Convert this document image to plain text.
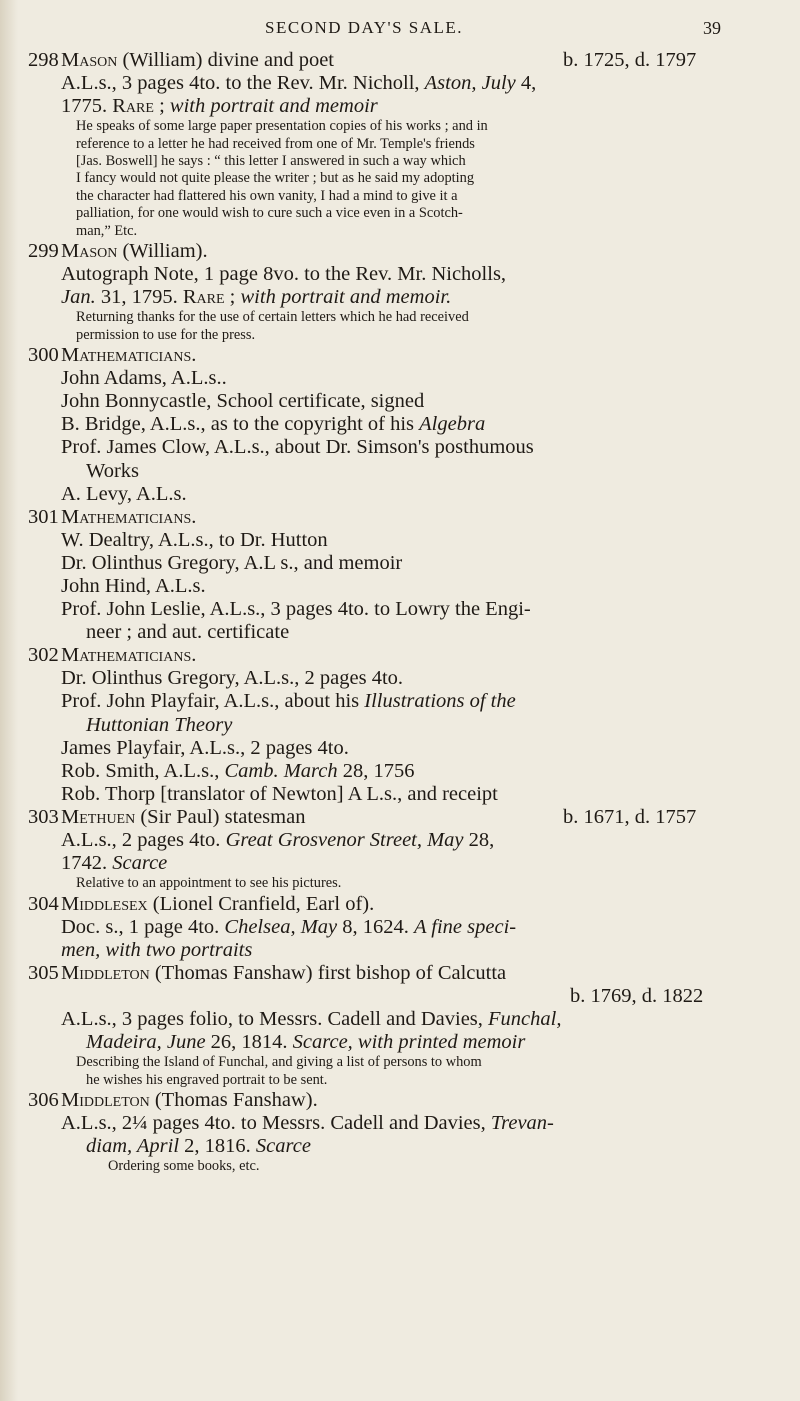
SECOND DAY'S SALE.	39
298 Mason (William) divine and poet	b. 1725, d. 1797
A.L.s., 3 pages 4to. to the Rev. Mr. Nicholl, Aston, July 4,
1775. Rare ; with portrait and memoir
He speaks of some large paper presentation copies of his works ; and in
reference to a letter he had received from one of Mr. Temple's friends
[Jas. Boswell] he says : “ this letter I answered in such a way which
I fancy would not quite please the writer ; but as he said my adopting
the character had flattered his own vanity, I had a mind to give it a
palliation, for one would wish to cure such a vice even in a Scotch-
man,” Etc.
299 Mason (William).
Autograph Note, 1 page 8vo. to the Rev. Mr. Nicholls,
Jan. 31, 1795. Rare ; with portrait and memoir.
Returning thanks for the use of certain letters which he had received
permission to use for the press.
300 Mathematicians.
John Adams, A.L.s..
John Bonnycastle, School certificate, signed
B. Bridge, A.L.s., as to the copyright of his Algebra
Prof. James Clow, A.L.s., about Dr. Simson's posthumous
Works
A. Levy, A.L.s.
301 Mathematicians.
W. Dealtry, A.L.s., to Dr. Hutton
Dr. Olinthus Gregory, A.L s., and memoir
John Hind, A.L.s.
Prof. John Leslie, A.L.s., 3 pages 4to. to Lowry the Engi-
neer ; and aut. certificate
302 Mathematicians.
Dr. Olinthus Gregory, A.L.s., 2 pages 4to.
Prof. John Playfair, A.L.s., about his Illustrations of the
Huttonian Theory
James Playfair, A.L.s., 2 pages 4to.
Rob. Smith, A.L.s., Camb. March 28, 1756
Rob. Thorp [translator of Newton] A L.s., and receipt
303 Methuen (Sir Paul) statesman	b. 1671, d. 1757
A.L.s., 2 pages 4to. Great Grosvenor Street, May 28,
1742. Scarce
Relative to an appointment to see his pictures.
304 Middlesex (Lionel Cranfield, Earl of).
Doc. s., 1 page 4to. Chelsea, May 8, 1624. A fine speci-
men, with two portraits
305 Middleton (Thomas Fanshaw) first bishop of Calcutta
b. 1769, d. 1822
A.L.s., 3 pages folio, to Messrs. Cadell and Davies, Funchal,
Madeira, June 26, 1814. Scarce, with printed memoir
Describing the Island of Funchal, and giving a list of persons to whom
he wishes his engraved portrait to be sent.
306 Middleton (Thomas Fanshaw).
A.L.s., 2¼ pages 4to. to Messrs. Cadell and Davies, Trevan-
diam, April 2, 1816. Scarce
Ordering some books, etc.
